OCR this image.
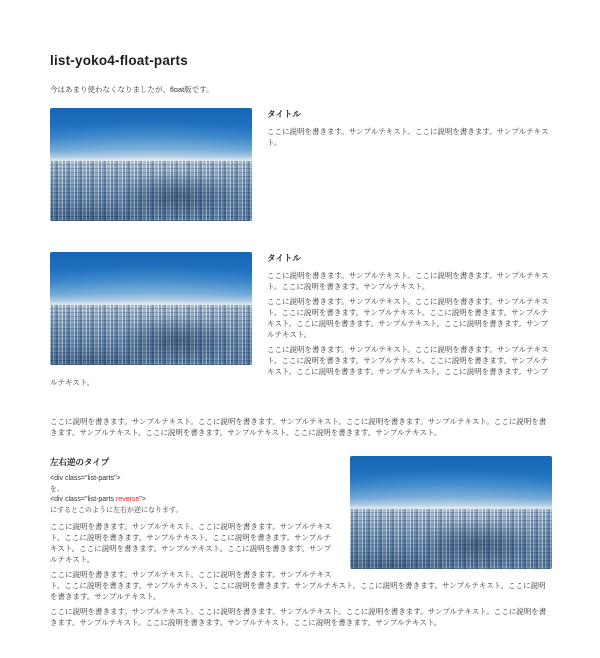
list-yoko4-float-parts

今はあまり使わなくなりましたが、float版です。

タイトル

ここに説明を書きます。サンプルテキスト。ここに説明を書きます。サンプルテキスト。

タイトル

ここに説明を書きます。サンプルテキスト。ここに説明を書きます。サンプルテキスト。ここに説明を書きます。サンプルテキスト。

ここに説明を書きます。サンプルテキスト。ここに説明を書きます。サンプルテキスト。ここに説明を書きます。サンプルテキスト。ここに説明を書きます。サンプルテキスト。ここに説明を書きます。サンプルテキスト。ここに説明を書きます。サンプルテキスト。

ここに説明を書きます。サンプルテキスト。ここに説明を書きます。サンプルテキスト。ここに説明を書きます。サンプルテキスト。ここに説明を書きます。サンプルテキスト。ここに説明を書きます。サンプルテキスト。ここに説明を書きます。サンプルテキスト。

ここに説明を書きます。サンプルテキスト。ここに説明を書きます。サンプルテキスト。ここに説明を書きます。サンプルテキスト。ここに説明を書きます。サンプルテキスト。ここに説明を書きます。サンプルテキスト。ここに説明を書きます。サンプルテキスト。

左右逆のタイプ

<div class="list-parts">
を、
<div class="list-parts reverse">
にするとこのように左右が逆になります。

ここに説明を書きます。サンプルテキスト。ここに説明を書きます。サンプルテキスト。ここに説明を書きます。サンプルテキスト。ここに説明を書きます。サンプルテキスト。ここに説明を書きます。サンプルテキスト。ここに説明を書きます。サンプルテキスト。

ここに説明を書きます。サンプルテキスト。ここに説明を書きます。サンプルテキスト。ここに説明を書きます。サンプルテキスト。ここに説明を書きます。サンプルテキスト。ここに説明を書きます。サンプルテキスト。ここに説明を書きます。サンプルテキスト。

ここに説明を書きます。サンプルテキスト。ここに説明を書きます。サンプルテキスト。ここに説明を書きます。サンプルテキスト。ここに説明を書きます。サンプルテキスト。ここに説明を書きます。サンプルテキスト。ここに説明を書きます。サンプルテキスト。
